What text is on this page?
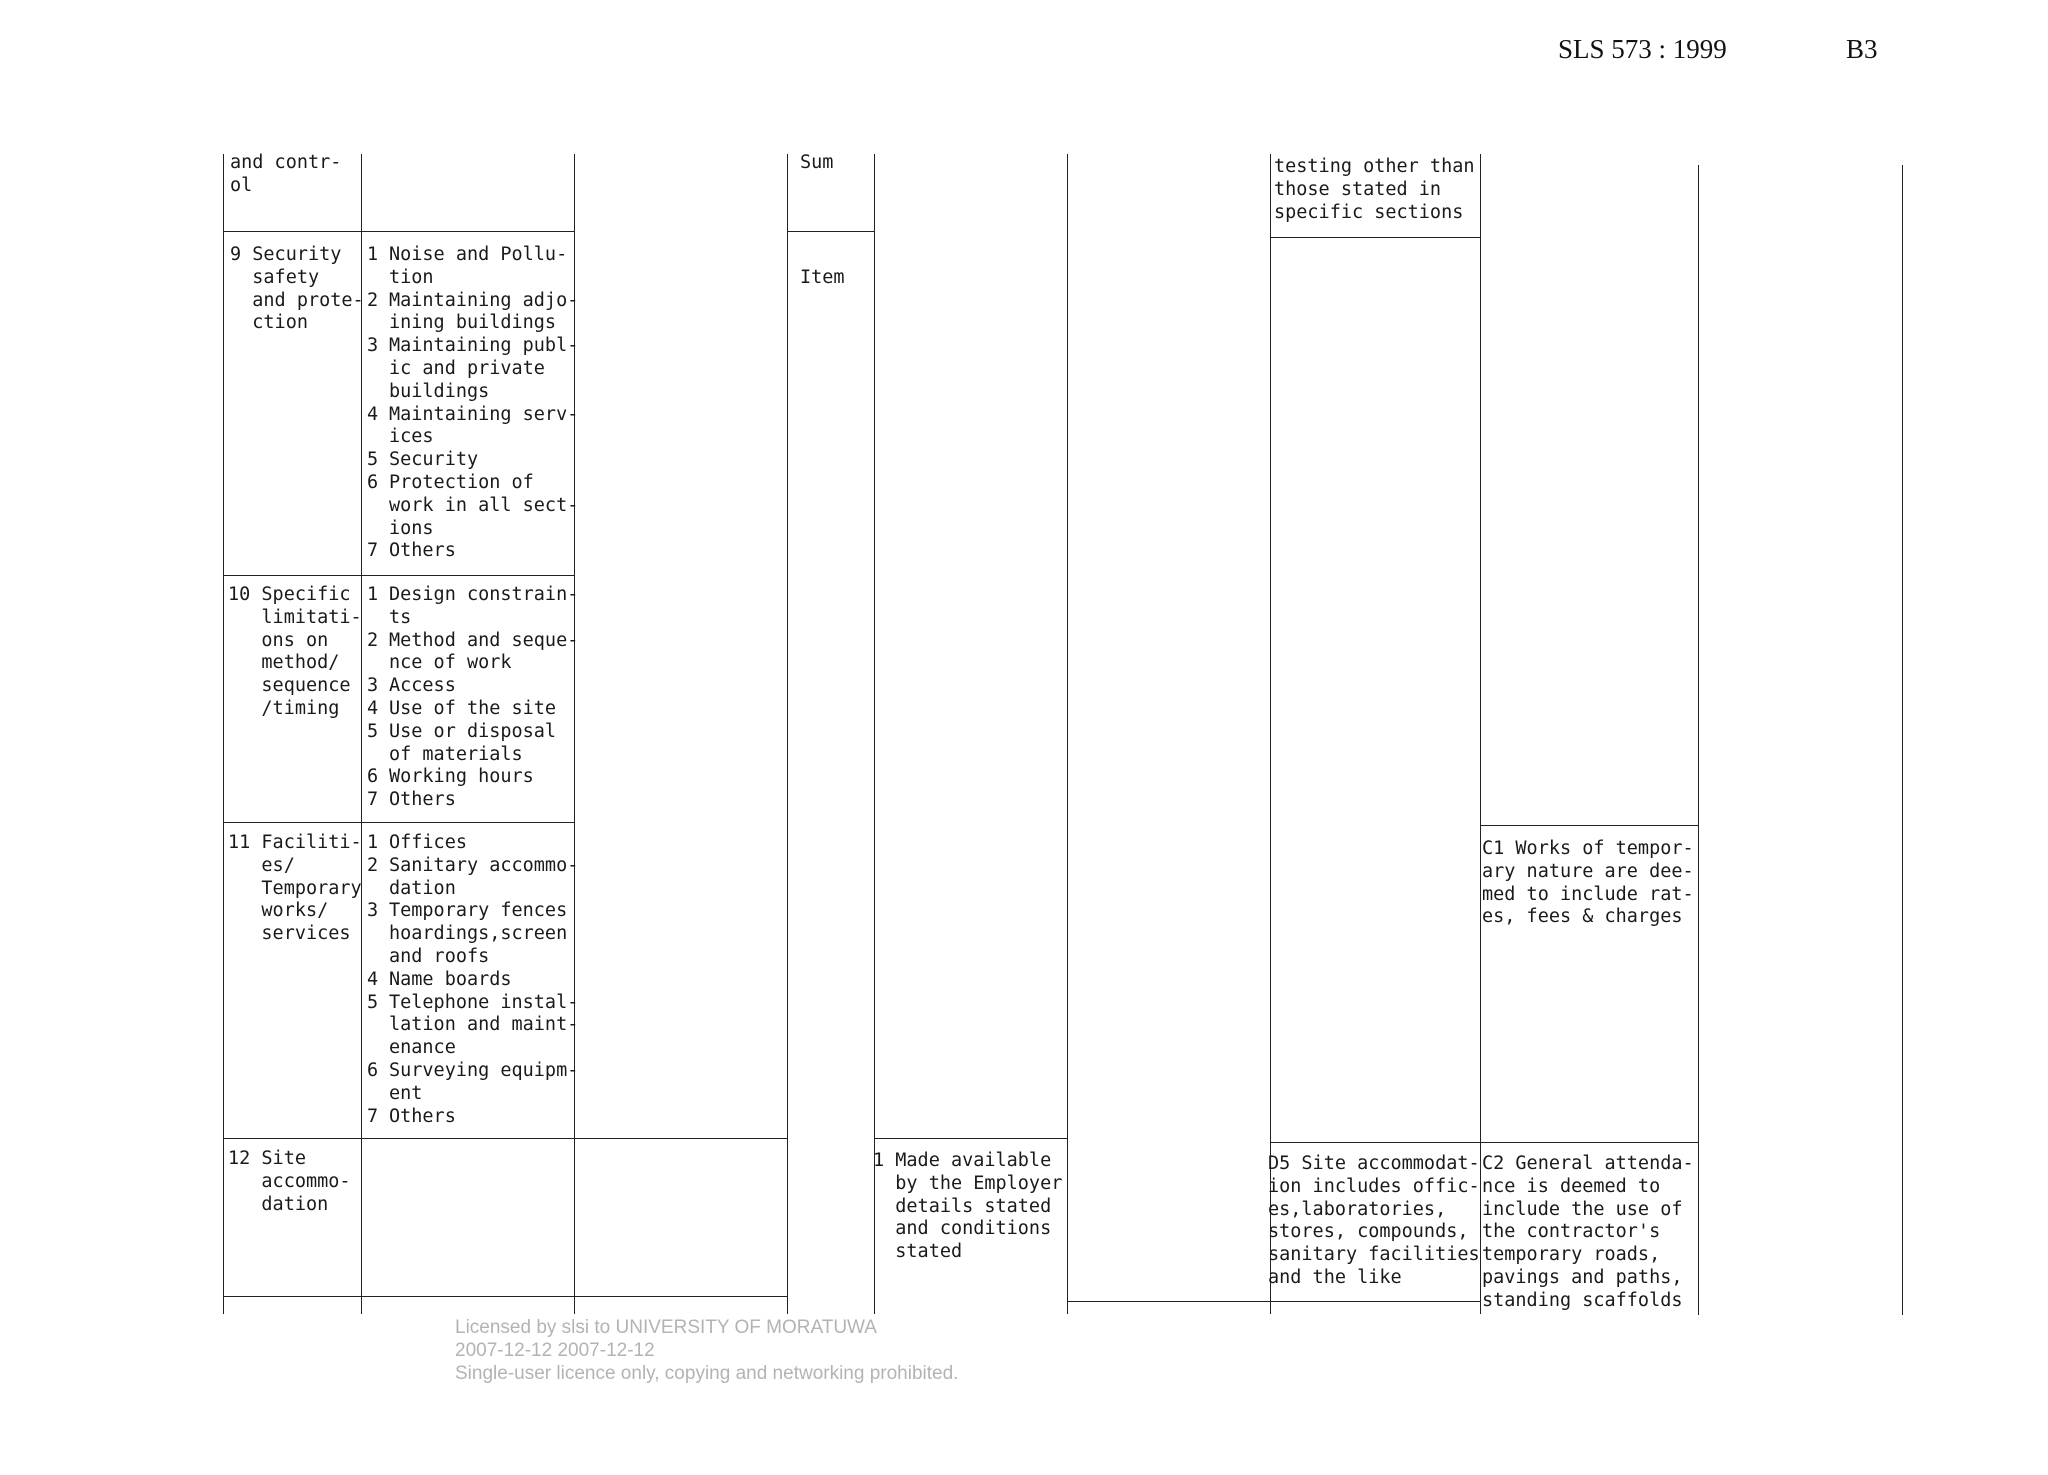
SLS 573 : 1999	B3
and contr-
ol
9 Security
safety
and prote-
ction
10 Specific
limitati-
ons on
method/
sequence
/timing
11 Faciliti-
es/
Temporary
works/
services
12 Site
accommo-
dation
1 Noise and Pollu-
tion
2 Maintaining adjo-
ining buildings
3 Maintaining publ-
ic and private
buildings
4 Maintaining serv-
ices
5 Security
6 Protection of
work in all sect-
ions
7 Others
1 Design constrain-
ts
2 Method and seque-
nce of work
3 Access
4 Use of the site
5 Use or disposal
of materials
6 Working hours
7 Others
1 Offices
2 Sanitary accommo-
dation
3 Temporary fences
hoardings,screen
and roofs
4 Name boards
5 Telephone instal-
lation and maint-
enance
6 Surveying equipm-
ent
7 Others
Sum
Item
1 Made available
by the Employer
details stated
and conditions
stated
testing other than
those stated in
specific sections
D5 Site accommodat-
ion includes offic-
es,laboratories,
stores, compounds,
sanitary facilities
and the like
C1 Works of tempor-
ary nature are dee-
med to include rat-
es, fees & charges
C2 General attenda-
nce is deemed to
include the use of
the contractor's
temporary roads,
pavings and paths,
standing scaffolds
Licensed by slsi to UNIVERSITY OF MORATUWA
2007-12-12 2007-12-12
Single-user licence only, copying and networking prohibited.
